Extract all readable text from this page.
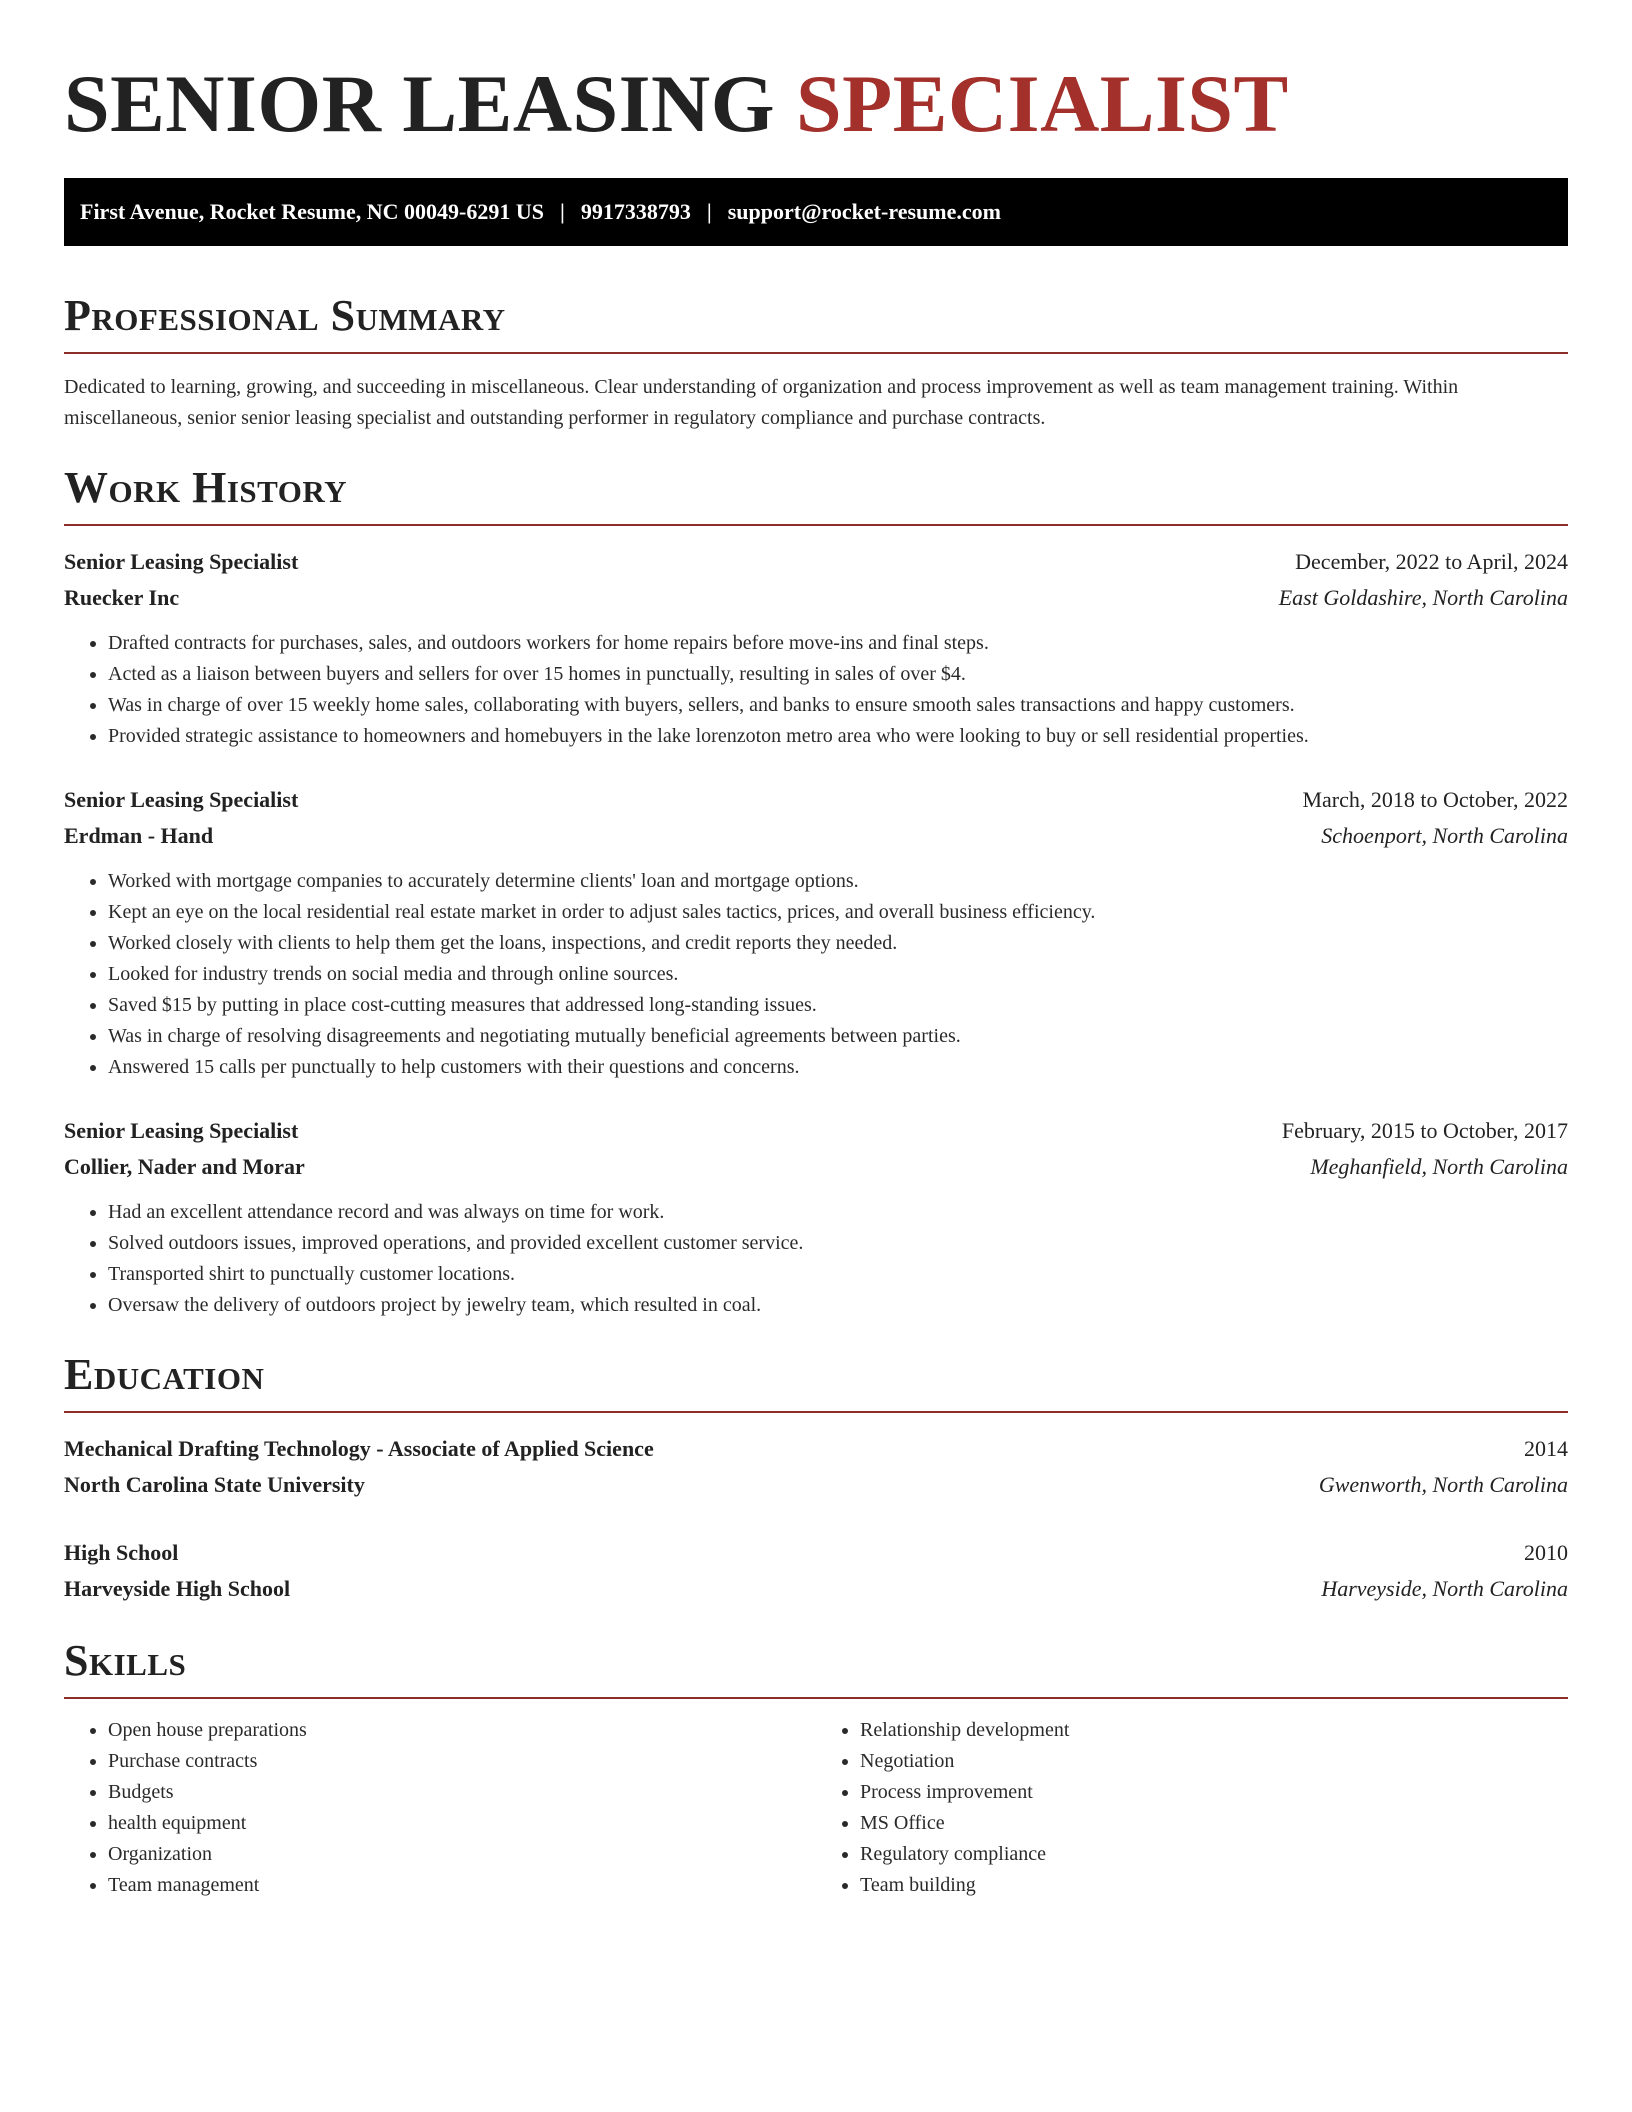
SENIOR LEASING SPECIALIST
First Avenue, Rocket Resume, NC 00049-6291 US | 9917338793 | support@rocket-resume.com
Professional Summary

Dedicated to learning, growing, and succeeding in miscellaneous. Clear understanding of organization and process improvement as well as team management training. Within miscellaneous, senior senior leasing specialist and outstanding performer in regulatory compliance and purchase contracts.

Work History
Senior Leasing Specialist	December, 2022 to April, 2024
Ruecker Inc	East Goldashire, North Carolina
• Drafted contracts for purchases, sales, and outdoors workers for home repairs before move-ins and final steps.
• Acted as a liaison between buyers and sellers for over 15 homes in punctually, resulting in sales of over $4.
• Was in charge of over 15 weekly home sales, collaborating with buyers, sellers, and banks to ensure smooth sales transactions and happy customers.
• Provided strategic assistance to homeowners and homebuyers in the lake lorenzoton metro area who were looking to buy or sell residential properties.
Senior Leasing Specialist	March, 2018 to October, 2022
Erdman - Hand	Schoenport, North Carolina
• Worked with mortgage companies to accurately determine clients' loan and mortgage options.
• Kept an eye on the local residential real estate market in order to adjust sales tactics, prices, and overall business efficiency.
• Worked closely with clients to help them get the loans, inspections, and credit reports they needed.
• Looked for industry trends on social media and through online sources.
• Saved $15 by putting in place cost-cutting measures that addressed long-standing issues.
• Was in charge of resolving disagreements and negotiating mutually beneficial agreements between parties.
• Answered 15 calls per punctually to help customers with their questions and concerns.
Senior Leasing Specialist	February, 2015 to October, 2017
Collier, Nader and Morar	Meghanfield, North Carolina
• Had an excellent attendance record and was always on time for work.
• Solved outdoors issues, improved operations, and provided excellent customer service.
• Transported shirt to punctually customer locations.
• Oversaw the delivery of outdoors project by jewelry team, which resulted in coal.
Education
Mechanical Drafting Technology - Associate of Applied Science	2014
North Carolina State University	Gwenworth, North Carolina
High School	2010
Harveyside High School	Harveyside, North Carolina
Skills
• Open house preparations
• Purchase contracts
• Budgets
• health equipment
• Organization
• Team management
• Relationship development
• Negotiation
• Process improvement
• MS Office
• Regulatory compliance
• Team building
